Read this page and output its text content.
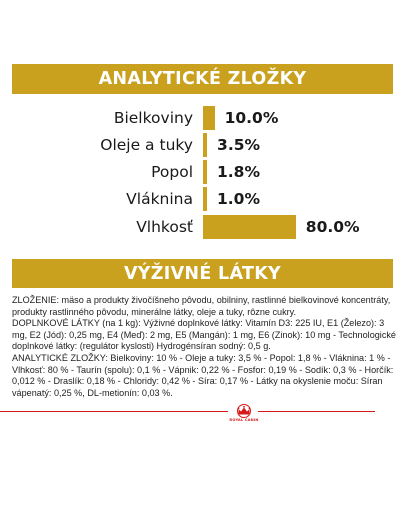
ANALYTICKÉ ZLOŽKY
Bielkoviny 10.0%
Oleje a tuky 3.5%
Popol 1.8%
Vláknina 1.0%
Vlhkosť	80.0%
VÝŽIVNÉ LÁTKY

ZLOŽENIE: mäso a produkty živočíšneho pôvodu, obilniny, rastlinné bielkovinové koncentráty, produkty rastlinného pôvodu, minerálne látky, oleje a tuky, rôzne cukry.

DOPLNKOVÉ LÁTKY (na 1 kg): Výživné doplnkové látky: Vitamín D3: 225 IU, E1 (Železo): 3 mg, E2 (Jód): 0,25 mg, E4 (Meď): 2 mg, E5 (Mangán): 1 mg, E6 (Zinok): 10 mg - Technologické doplnkové látky: (regulátor kyslosti) Hydrogénsíran sodný: 0,5 g.

ANALYTICKÉ ZLOŽKY: Bielkoviny: 10 % - Oleje a tuky: 3,5 % - Popol: 1,8 % - Vláknina: 1 % - Vlhkosť: 80 % - Taurín (spolu): 0,1 % - Vápnik: 0,22 % - Fosfor: 0,19 % - Sodík: 0,3 % - Horčík: 0,012 % - Draslík: 0,18 % - Chloridy: 0,42 % - Síra: 0,17 % - Látky na okyslenie moču: Síran vápenatý: 0,25 %, DL-metionín: 0,03 %.

ROYAL CANIN
